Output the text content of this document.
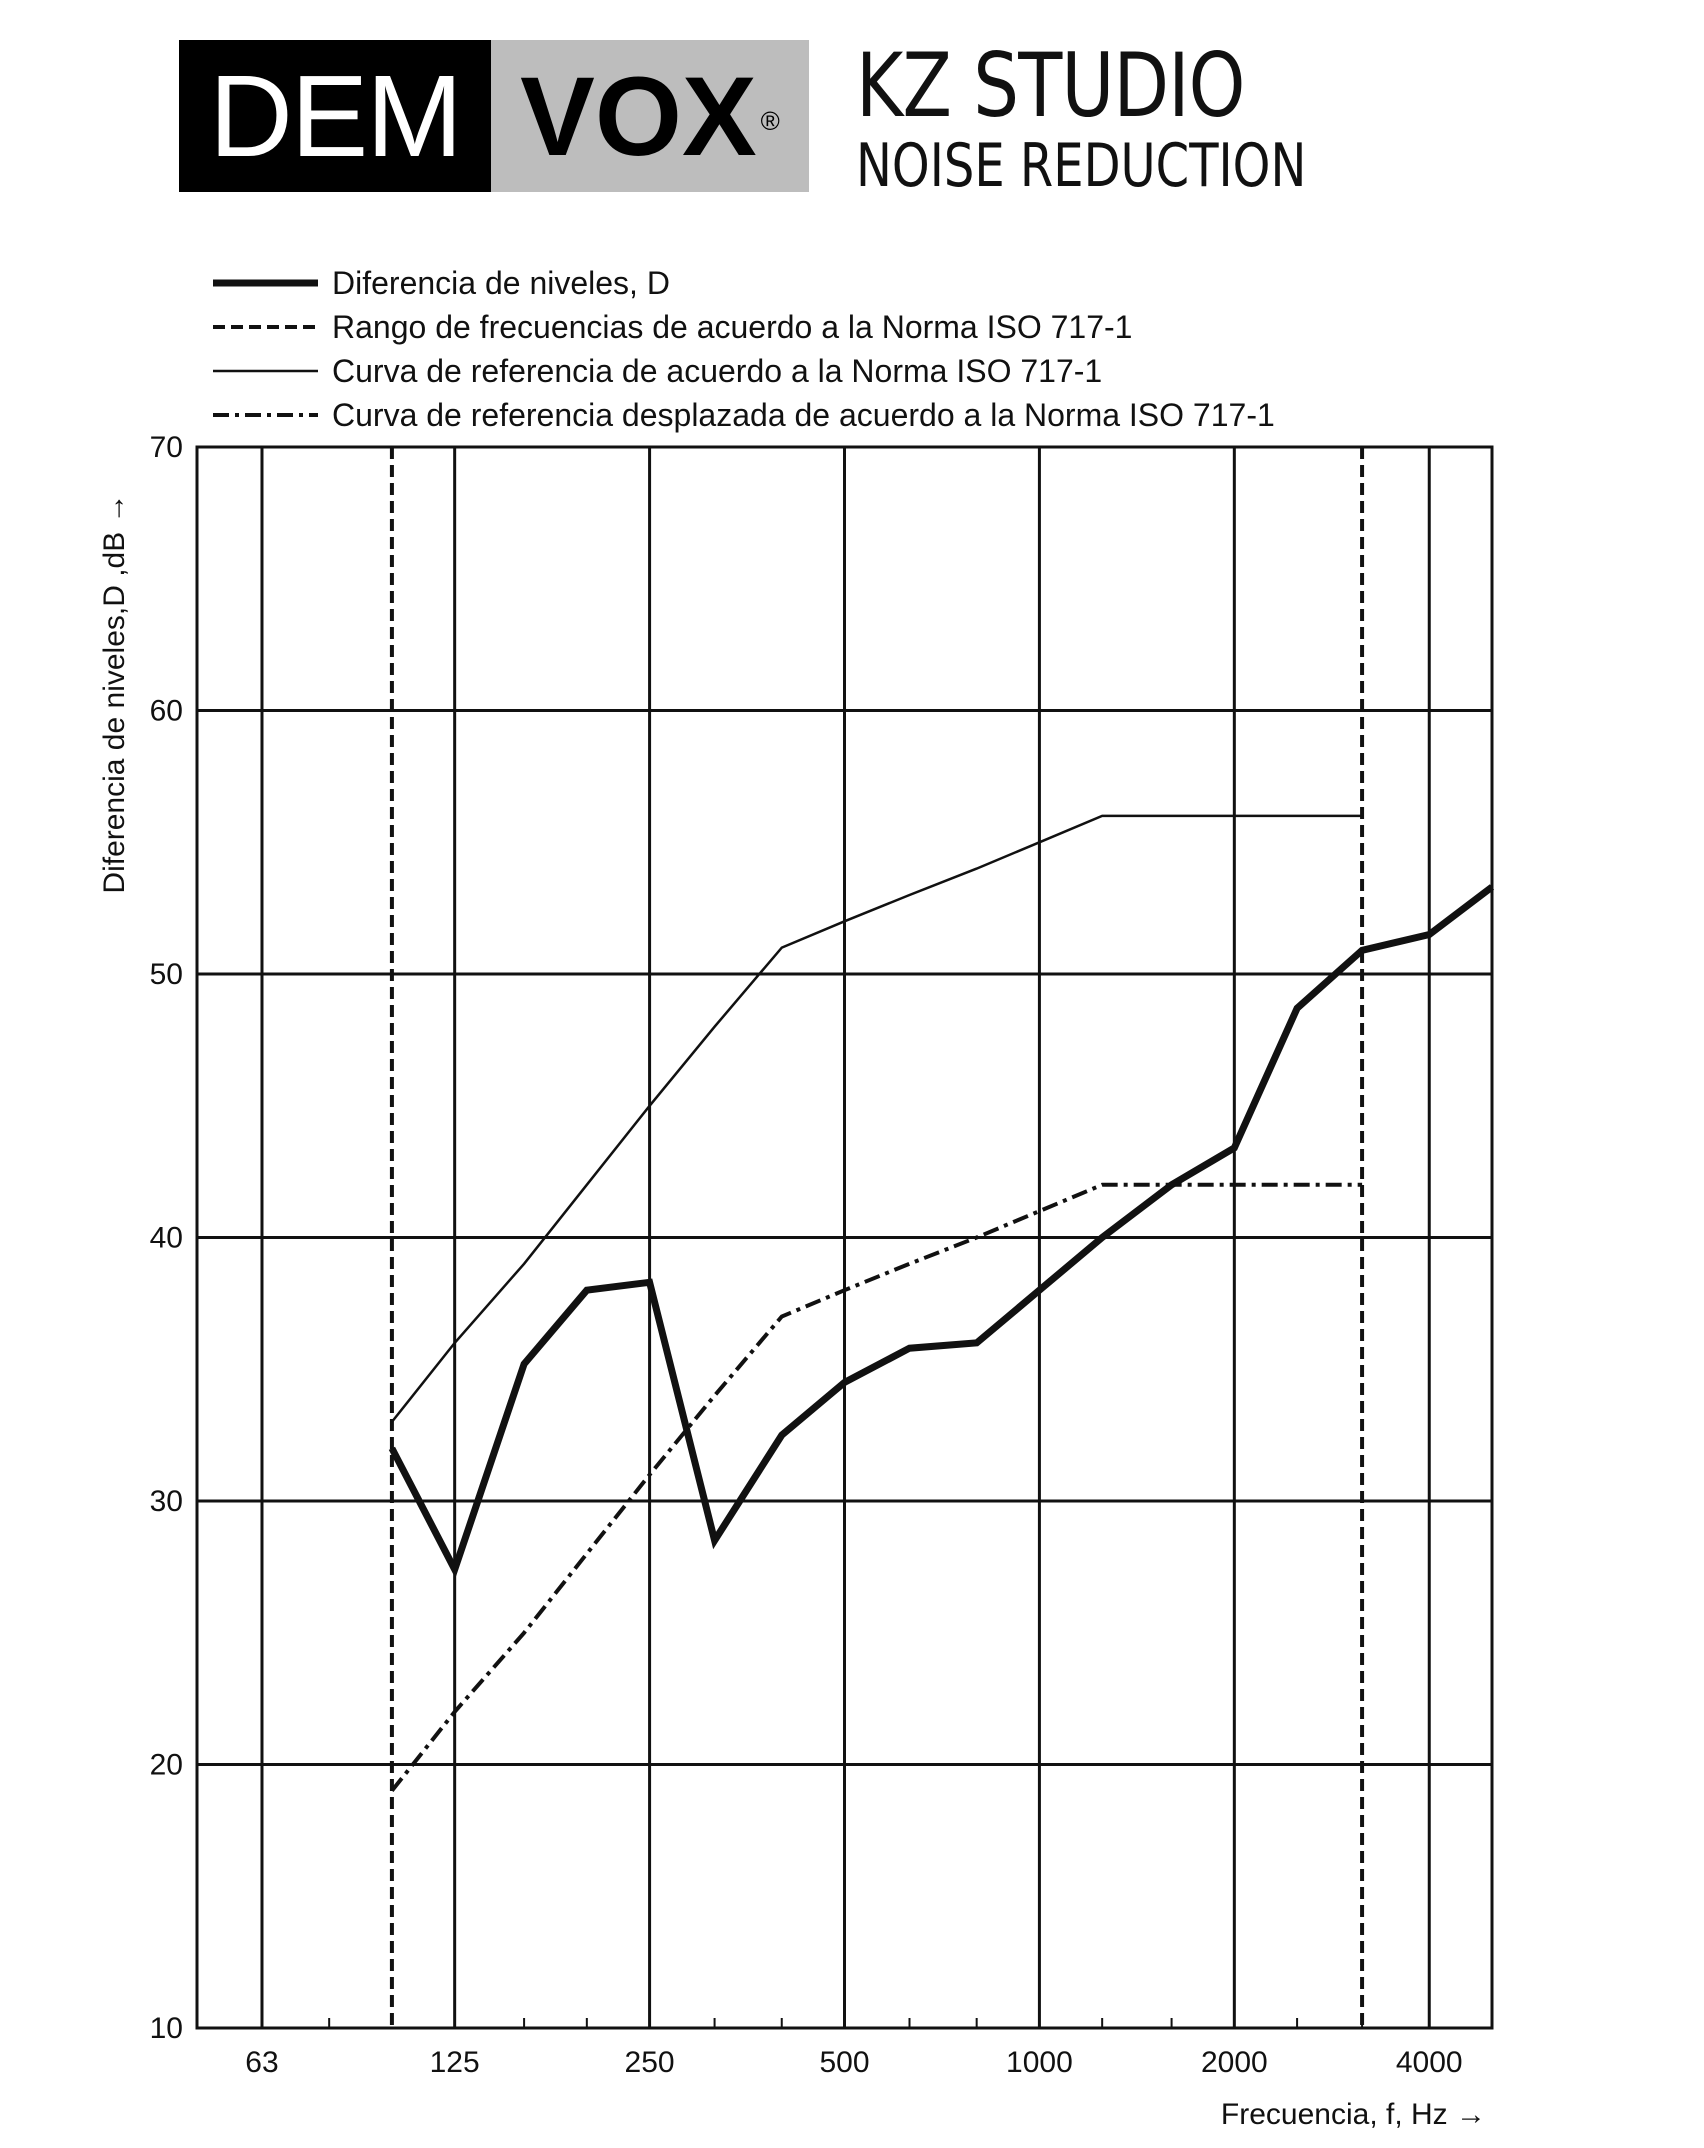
DEM VOX ® KZ STUDIO
NOISE REDUCTION
Diferencia de niveles, D
Rango de frecuencias de acuerdo a la Norma ISO 717-1
Curva de referencia de acuerdo a la Norma ISO 717-1
Curva de referencia desplazada de acuerdo a la Norma ISO 717-1
10
20
30
40
50
60
70
63	125	250	500	1000	2000	4000
Diferencia de niveles,D ,dB →
Frecuencia, f, Hz →
